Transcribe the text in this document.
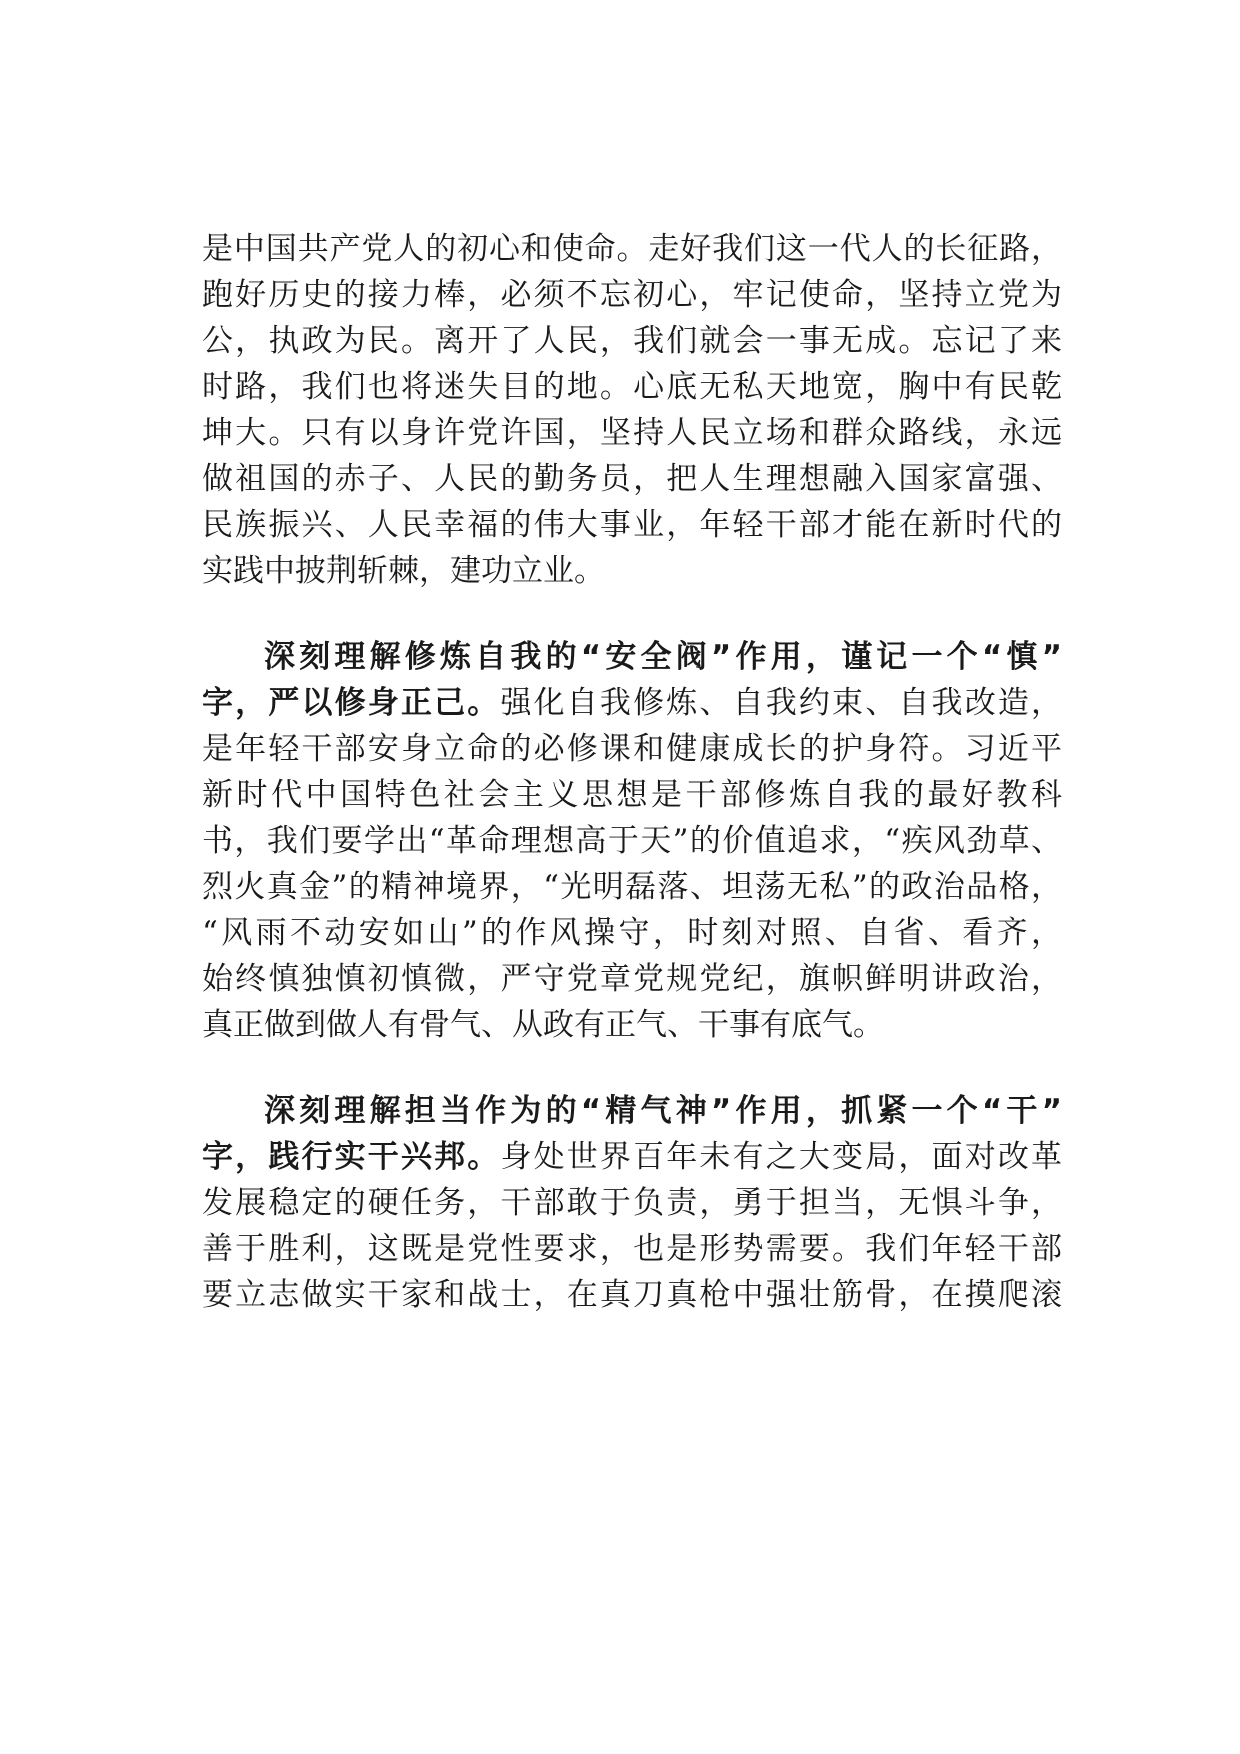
是中国共产党人的初心和使命。走好我们这一代人的长征路，
跑好历史的接力棒，必须不忘初心，牢记使命，坚持立党为
公，执政为民。离开了人民，我们就会一事无成。忘记了来
时路，我们也将迷失目的地。心底无私天地宽，胸中有民乾
坤大。只有以身许党许国，坚持人民立场和群众路线，永远
做祖国的赤子、人民的勤务员，把人生理想融入国家富强、
民族振兴、人民幸福的伟大事业，年轻干部才能在新时代的
实践中披荆斩棘，建功立业。
深刻理解修炼自我的“安全阀”作用，谨记一个“慎”
字，严以修身正己。强化自我修炼、自我约束、自我改造，
是年轻干部安身立命的必修课和健康成长的护身符。习近平
新时代中国特色社会主义思想是干部修炼自我的最好教科
书，我们要学出“革命理想高于天”的价值追求，“疾风劲草、
烈火真金”的精神境界，“光明磊落、坦荡无私”的政治品格，
“风雨不动安如山”的作风操守，时刻对照、自省、看齐，
始终慎独慎初慎微，严守党章党规党纪，旗帜鲜明讲政治，
真正做到做人有骨气、从政有正气、干事有底气。
深刻理解担当作为的“精气神”作用，抓紧一个“干”
字，践行实干兴邦。身处世界百年未有之大变局，面对改革
发展稳定的硬任务，干部敢于负责，勇于担当，无惧斗争，
善于胜利，这既是党性要求，也是形势需要。我们年轻干部
要立志做实干家和战士，在真刀真枪中强壮筋骨，在摸爬滚
